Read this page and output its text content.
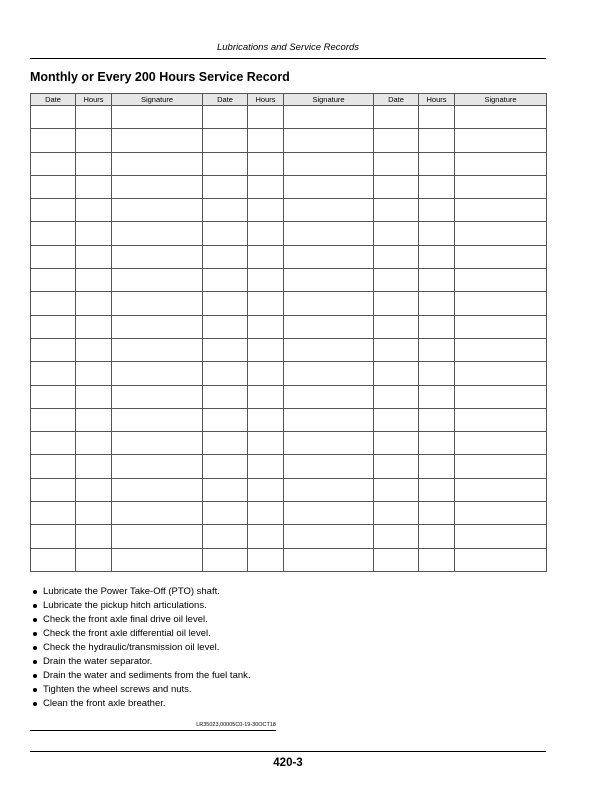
Lubrications and Service Records
Monthly or Every 200 Hours Service Record
Date	Hours	Signature	Date	Hours	Signature	Date	Hours	Signature

Lubricate the Power Take-Off (PTO) shaft.
Lubricate the pickup hitch articulations.
Check the front axle final drive oil level.
Check the front axle differential oil level.
Check the hydraulic/transmission oil level.
Drain the water separator.
Drain the water and sediments from the fuel tank.
Tighten the wheel screws and nuts.
Clean the front axle breather.
LR35023,00005C0-19-30OCT18
420-3
